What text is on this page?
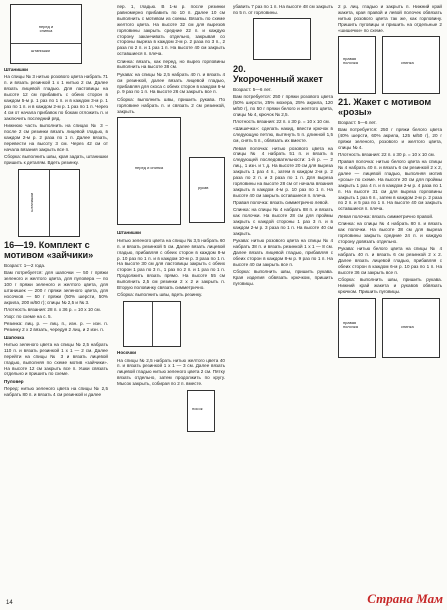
перед и спинка
штанишки

Штанишки

На спицы № 3 нитью розового цвета набрать 71 п. и вязать резинкой 1 х 1 нитью 2 см. Далее вязать лицевой гладью. Для ластовицы на высоте 12 см прибавить с обеих сторон в каждом 5-м р. 1 раз по 1 п. и в каждом 3-м р. 1 раз по 1 п. и в каждом 2-м р. 1 раз по 1 п. Через 4 см от начала прибавок по бокам отложить п. и заключить последний ряд.

Нижнюю часть выполнить на спицах № 3 – после 2 см резинки вязать лицевой гладью, в каждом 2-м р. 2 раза по 1 п. Далее вязать, перевести на высоту 3 см. Через 42 см от начала вязания закрыть все п.

Сборка: выполнить швы, края задать, штанишки пришить к деталям. Вдеть резинку.

штанишки
16—19. Комплект с мотивом «зайчики»

Возраст: 1—2 года.

Вам потребуется: для шапочки — 50 г пряжи зеленого и желтого цвета, для пуловера — по 100 г пряжи зеленого и желтого цвета, для штанишек — 200 г пряжи зеленого цвета, для носочков — 50 г пряжи (50% шерсти, 50% акрила, 200 м/50 г); спицы № 2,5 и № 3.

Плотность вязания: 28 п. х 36 р. = 10 х 10 см.

Узор: по схеме на с. 5.

Резинка: лиц. р. — лиц. п., изн. р. — изн. п. Резинку 2 х 2 вязать, чередуя 2 лиц. и 2 изн. п.

Шапочка

Нитью зеленого цвета на спицы № 2,5 набрать 110 п. и вязать резинкой 1 х 1 — 2 см. Далее перейти на спицы № 3 и вязать лицевой гладью, выполняя по схеме мотив «зайчики». На высоте 12 см закрыть все п. Ушки связать отдельно и пришить по схеме.

Пуловер

Перед: нитью зеленого цвета на спицы № 2,5 набрать 80 п. и вязать 4 см резинкой и далее

пер. 1, гладью. В 1-м р. после резинки равномерно прибавить по 10 п. Далее 10 см выполнить с мотивом из схемы. Вязать по схеме желтого цвета. На высоте 32 см для вырезов горловины закрыть средние 22 п. и каждую сторону заканчивать отдельно, закрывая со стороны выреза в каждом 2-м р. 2 раза по 3 п., 2 раза по 2 п. и 1 раз 1 п. На высоте 40 см закрыть оставшиеся п. плеча.

Спинка: вязать, как перед, но вырез горловины выполнить на высоте 38 см.

Рукава: на спицы № 2,5 набрать 40 п. и вязать 4 см резинкой, далее вязать лицевой гладью, прибавляя для скоса с обеих сторон в каждом 6-м р. 9 раз по 1 п. На высоте 26 см закрыть все п.

Сборка: выполнить швы, пришить рукава. По горловине набрать п. и связать 2 см резинкой, закрыть.

перед и спинка
рукав

Штанишки

Нитью зеленого цвета на спицы № 3,5 набрать 60 п. и вязать резинкой 5 см. Далее вязать лицевой гладью, прибавляя с обеих сторон в каждом 8-м р. 10 раз по 1 п. и в каждом 10-м р. 3 раза по 1 п. На высоте 30 см для ластовицы закрыть с обеих сторон 1 раз по 3 п., 1 раз по 2 п. и 1 раз по 1 п. Продолжить вязать прямо. На высоте 55 см выполнить 2,5 см резинки 2 х 2 и закрыть п. Вторую половинку связать симметрично.

Сборка: выполнить швы, вдеть резинку.

Носочки

На спицы № 2,5 набрать нитью желтого цвета 40 п. и вязать резинкой 1 х 1 — 3 см. Далее вязать лицевой гладью нитью зеленого цвета 2 см. Пятку вязать отдельно, затем продолжить по кругу. Мысок закрыть, собирая по 2 п. вместе.

носок

убавить 7 раз по 1 п. На высоте 48 см закрыть по 5 п. от горловины.

20.
Укороченный жакет

Возраст: 5—6 лет.

Вам потребуется: 250 г пряжи розового цвета (50% шерсти, 25% мохера, 25% акрила, 120 м/50 г), по 50 г пряжи белого и желтого цвета, спицы № 4, крючок № 2,5.

Плотность вязания: 22 п. х 30 р. = 10 х 10 см.

«Шишечка»: сделать накид, ввести крючок в следующую петлю, вытянуть 5 п. длинной 1,5 см, снять 5 п., обвязать их вместе.

Левая полочка: нитью розового цвета на спицы № 4 набрать 51 п. и вязать в следующей последовательности: 1-й р. — 2 лиц., 1 изн. и т. д. На высоте 20 см для выреза закрыть 1 раз 4 п., затем в каждом 2-м р. 2 раза по 2 п. и 3 раза по 1 п. Для выреза горловины на высоте 28 см от начала вязания закрыть в каждом 4-м р. 10 раз по 1 п. На высоте 40 см закрыть оставшиеся п. плеча.

Правая полочка: вязать симметрично левой.

Спинка: на спицы № 4 набрать 88 п. и вязать как полочки. На высоте 28 см для проймы закрыть с каждой стороны 1 раз 3 п. и в каждом 2-м р. 3 раза по 1 п. На высоте 40 см закрыть.

Рукава: нитью розового цвета на спицы № 4 набрать 38 п. и вязать резинкой 1 х 1 — 8 см. Далее вязать лицевой гладью, прибавляя с обеих сторон в каждом 8-м р. 9 раз по 1 п. На высоте 40 см закрыть все п.

Сборка: выполнить швы, пришить рукава. Края изделия обвязать крючком, пришить пуговицы.

2 р. лиц. гладью и закрыть п. Нижний край жакета, края правой и левой полочек обвязать нитью розового цвета так же, как горловину. Пришить пуговицы и пришить на отдельные 2 «шишечки» по схеме.

правая полочка	спинка
21. Жакет с мотивом «розы»

Возраст: 5—6 лет.

Вам потребуется: 250 г пряжи белого цвета (40% шерсти, 60% акрила, 125 м/50 г), 20 г пряжи зеленого, розового и желтого цвета, спицы № 4.

Плотность вязания: 22 п. х 30 р. = 10 х 10 см.

Правая полочка: нитью белого цвета на спицы № 4 набрать 40 п. и вязать 6 см резинкой 2 х 2, далее — лицевой гладью, выполняя мотив «розы» по схеме. На высоте 20 см для проймы закрыть 1 раз 4 п. и в каждом 2-м р. 4 раза по 1 п. На высоте 31 см для выреза горловины закрыть 1 раз 6 п., затем в каждом 2-м р. 2 раза по 2 п. и 5 раз по 1 п. На высоте 40 см закрыть оставшиеся п. плеча.

Левая полочка: вязать симметрично правой.

Спинка: на спицы № 4 набрать 80 п. и вязать как полочки. На высоте 38 см для выреза горловины закрыть средние 24 п. и каждую сторону довязать отдельно.

Рукава: нитью белого цвета на спицы № 4 набрать 40 п. и вязать 6 см резинкой 2 х 2. Далее вязать лицевой гладью, прибавляя с обеих сторон в каждом 6-м р. 10 раз по 1 п. На высоте 36 см закрыть все п.

Сборка: выполнить швы, пришить рукава. Нижний край жакета и рукавов обвязать крючком. Пришить пуговицы.

правая полочка	спинка
14	Страна Мам
